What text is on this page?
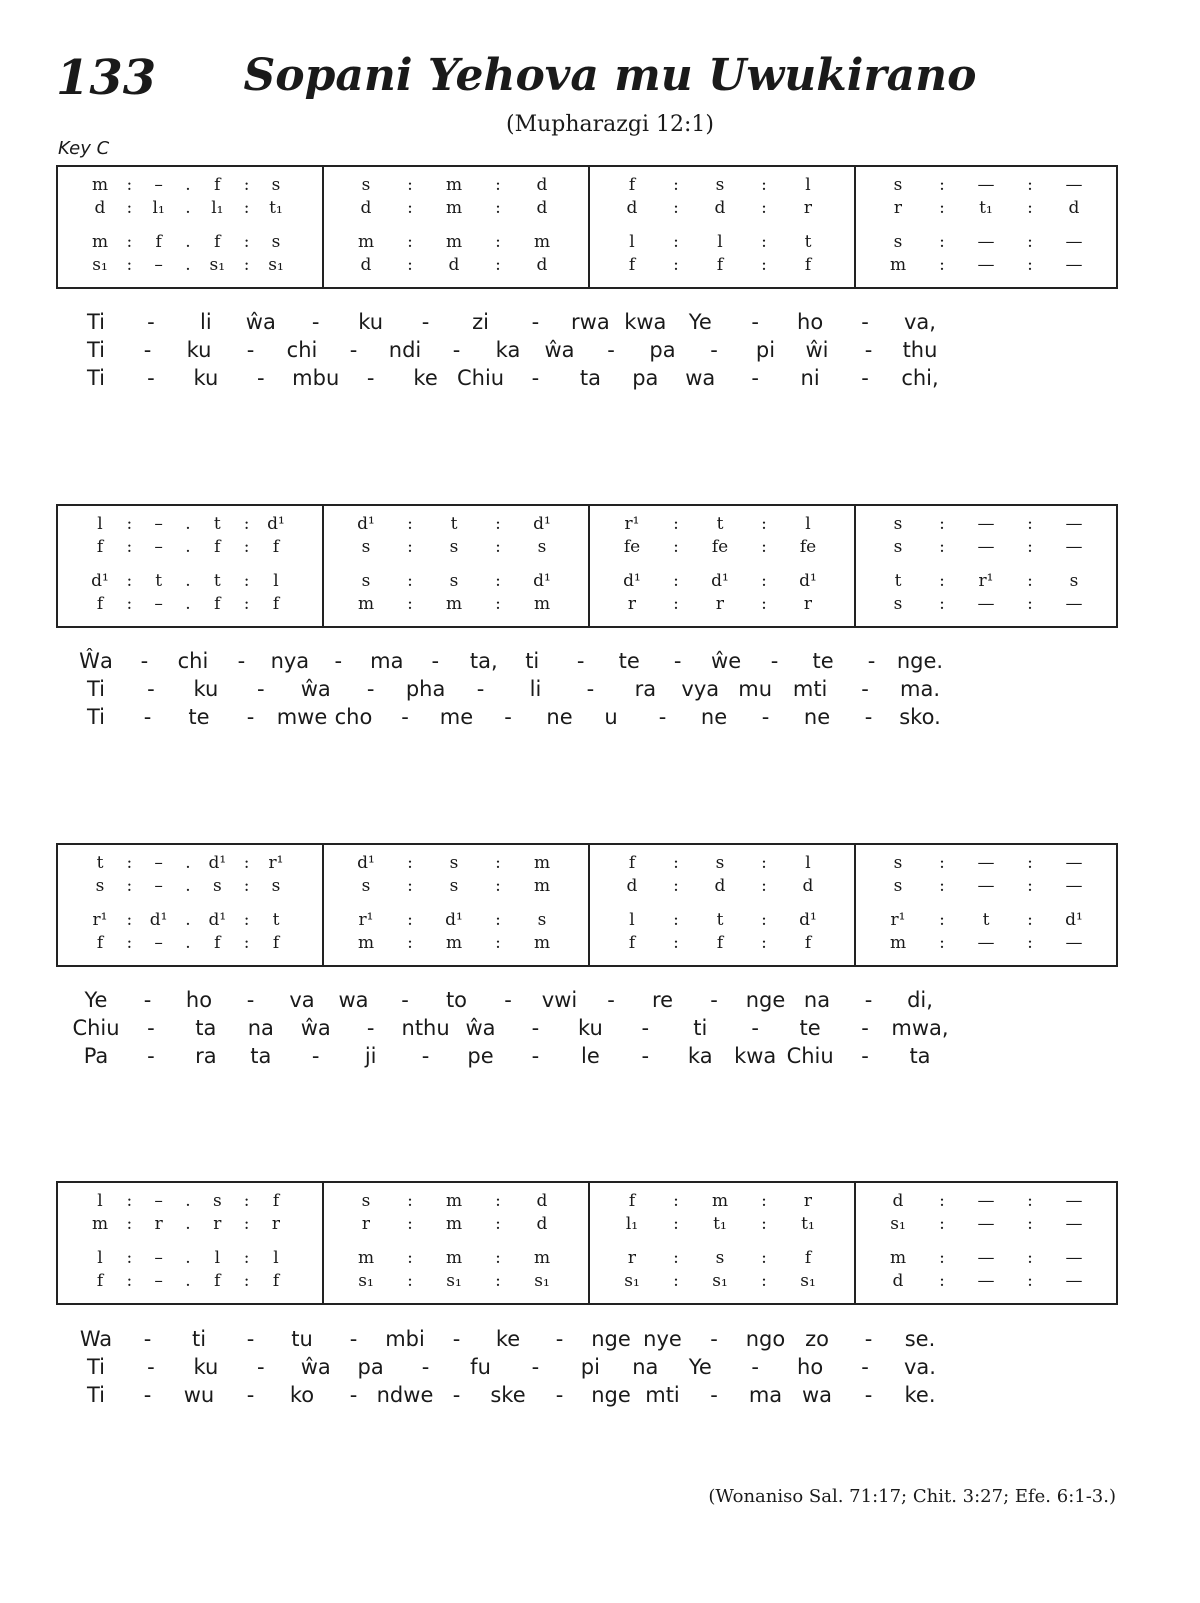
133	Sopani Yehova mu Uwukirano
(Mupharazgi 12:1)
Key C
m : – . f : s	s : m : d	f : s : l	s : — : —
d : l₁ . l₁ : t₁	d : m : d	d : d : r	r : t₁ : d
m : f . f : s	m : m : m	l : l : t	s : — : —
s₁ : – . s₁ : s₁	d : d : d	f : f : f	m : — : —
Ti - li ŵa - ku - zi - rwa kwa Ye - ho - va,
Ti - ku - chi - ndi - ka ŵa - pa - pi ŵi - thu
Ti - ku - mbu - ke Chiu - ta pa wa - ni - chi,
l : – . t : d¹	d¹ : t : d¹	r¹ : t : l	s : — : —
f : – . f : f	s : s : s	fe : fe : fe	s : — : —
d¹ : t . t : l	s : s : d¹	d¹ : d¹ : d¹	t : r¹ : s
f : – . f : f	m : m : m	r : r : r	s : — : —
Ŵa - chi - nya - ma - ta, ti - te - ŵe - te - nge.
Ti - ku - ŵa - pha - li - ra vya mu mti - ma.
Ti - te - mwe cho - me - ne u - ne - ne - sko.
t : – . d¹ : r¹	d¹ : s : m	f : s : l	s : — : —
s : – . s : s	s : s : m	d : d : d	s : — : —
r¹ : d¹ . d¹ : t	r¹ : d¹ : s	l : t : d¹	r¹ : t : d¹
f : – . f : f	m : m : m	f : f : f	m : — : —
Ye - ho - va wa - to - vwi - re - nge na - di,
Chiu - ta na ŵa - nthu ŵa - ku - ti - te - mwa,
Pa - ra ta - ji - pe - le - ka kwa Chiu - ta
l : – . s : f	s : m : d	f : m : r	d : — : —
m : r . r : r	r : m : d	l₁ : t₁ : t₁	s₁ : — : —
l : – . l : l	m : m : m	r : s : f	m : — : —
f : – . f : f	s₁ : s₁ : s₁	s₁ : s₁ : s₁	d : — : —
Wa - ti - tu - mbi - ke - nge nye - ngo zo - se.
Ti - ku - ŵa pa - fu - pi na Ye - ho - va.
Ti - wu - ko - ndwe - ske - nge mti - ma wa - ke.
(Wonaniso Sal. 71:17; Chit. 3:27; Efe. 6:1-3.)
